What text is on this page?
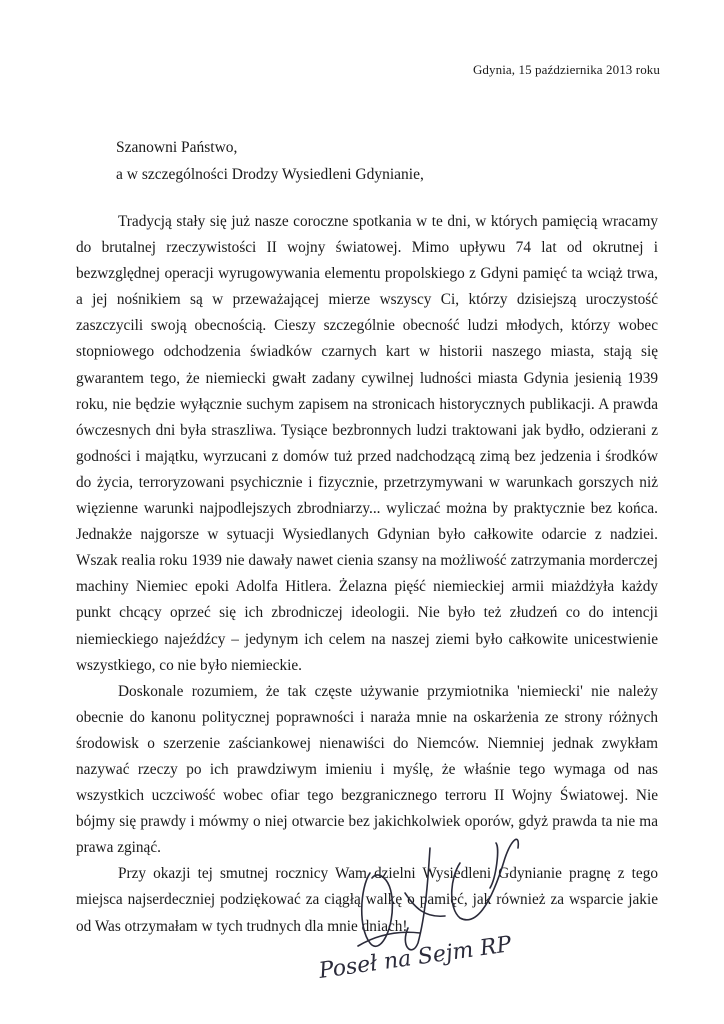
Gdynia, 15 października 2013 roku
Szanowni Państwo,
a w szczególności Drodzy Wysiedleni Gdynianie,

Tradycją stały się już nasze coroczne spotkania w te dni, w których pamięcią wracamy do brutalnej rzeczywistości II wojny światowej. Mimo upływu 74 lat od okrutnej i bezwzględnej operacji wyrugowywania elementu propolskiego z Gdyni pamięć ta wciąż trwa, a jej nośnikiem są w przeważającej mierze wszyscy Ci, którzy dzisiejszą uroczystość zaszczycili swoją obecnością. Cieszy szczególnie obecność ludzi młodych, którzy wobec stopniowego odchodzenia świadków czarnych kart w historii naszego miasta, stają się gwarantem tego, że niemiecki gwałt zadany cywilnej ludności miasta Gdynia jesienią 1939 roku, nie będzie wyłącznie suchym zapisem na stronicach historycznych publikacji. A prawda ówczesnych dni była straszliwa. Tysiące bezbronnych ludzi traktowani jak bydło, odzierani z godności i majątku, wyrzucani z domów tuż przed nadchodzącą zimą bez jedzenia i środków do życia, terroryzowani psychicznie i fizycznie, przetrzymywani w warunkach gorszych niż więzienne warunki najpodlejszych zbrodniarzy... wyliczać można by praktycznie bez końca. Jednakże najgorsze w sytuacji Wysiedlanych Gdynian było całkowite odarcie z nadziei. Wszak realia roku 1939 nie dawały nawet cienia szansy na możliwość zatrzymania morderczej machiny Niemiec epoki Adolfa Hitlera. Żelazna pięść niemieckiej armii miażdżyła każdy punkt chcący oprzeć się ich zbrodniczej ideologii. Nie było też złudzeń co do intencji niemieckiego najeźdźcy – jedynym ich celem na naszej ziemi było całkowite unicestwienie wszystkiego, co nie było niemieckie.

Doskonale rozumiem, że tak częste używanie przymiotnika 'niemiecki' nie należy obecnie do kanonu politycznej poprawności i naraża mnie na oskarżenia ze strony różnych środowisk o szerzenie zaściankowej nienawiści do Niemców. Niemniej jednak zwykłam nazywać rzeczy po ich prawdziwym imieniu i myślę, że właśnie tego wymaga od nas wszystkich uczciwość wobec ofiar tego bezgranicznego terroru II Wojny Światowej. Nie bójmy się prawdy i mówmy o niej otwarcie bez jakichkolwiek oporów, gdyż prawda ta nie ma prawa zginąć.

Przy okazji tej smutnej rocznicy Wam dzielni Wysiedleni Gdynianie pragnę z tego miejsca najserdeczniej podziękować za ciągłą walkę o pamięć, jak również za wsparcie jakie od Was otrzymałam w tych trudnych dla mnie dniach!

Poseł na Sejm RP
